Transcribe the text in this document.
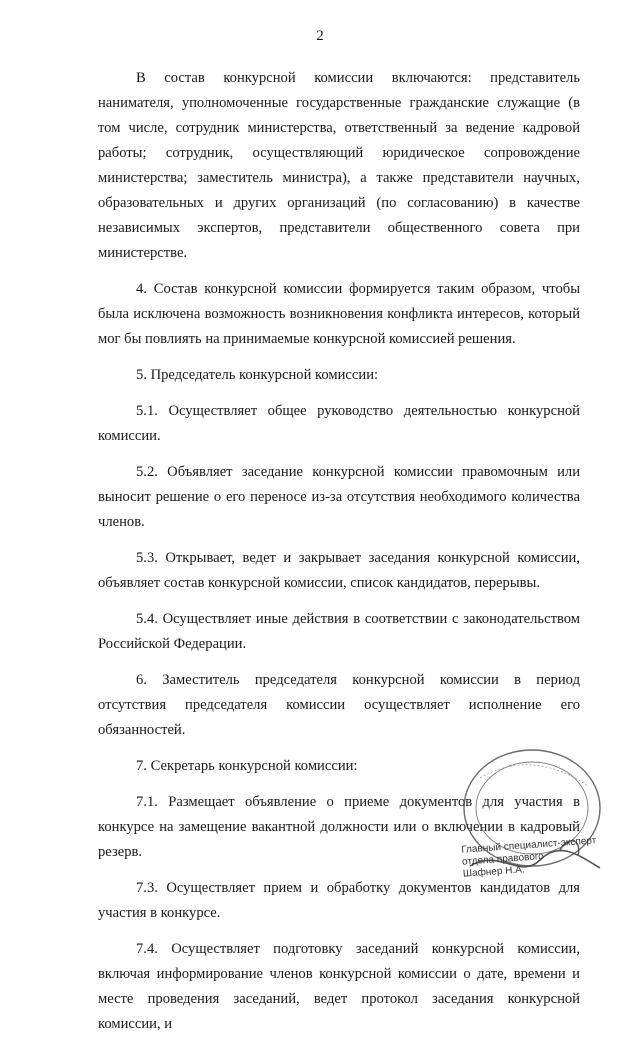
2

В состав конкурсной комиссии включаются: представитель нанимателя, уполномоченные государственные гражданские служащие (в том числе, сотрудник министерства, ответственный за ведение кадровой работы; сотрудник, осуществляющий юридическое сопровождение министерства; заместитель министра), а также представители научных, образовательных и других организаций (по согласованию) в качестве независимых экспертов, представители общественного совета при министерстве.

4. Состав конкурсной комиссии формируется таким образом, чтобы была исключена возможность возникновения конфликта интересов, который мог бы повлиять на принимаемые конкурсной комиссией решения.

5. Председатель конкурсной комиссии:

5.1. Осуществляет общее руководство деятельностью конкурсной комиссии.

5.2. Объявляет заседание конкурсной комиссии правомочным или выносит решение о его переносе из-за отсутствия необходимого количества членов.

5.3. Открывает, ведет и закрывает заседания конкурсной комиссии, объявляет состав конкурсной комиссии, список кандидатов, перерывы.

5.4. Осуществляет иные действия в соответствии с законодательством Российской Федерации.

6. Заместитель председателя конкурсной комиссии в период отсутствия председателя комиссии осуществляет исполнение его обязанностей.

7. Секретарь конкурсной комиссии:

7.1. Размещает объявление о приеме документов для участия в конкурсе на замещение вакантной должности или о включении в кадровый резерв.

7.3. Осуществляет прием и обработку документов кандидатов для участия в конкурсе.

7.4. Осуществляет подготовку заседаний конкурсной комиссии, включая информирование членов конкурсной комиссии о дате, времени и месте проведения заседаний, ведет протокол заседания конкурсной комиссии, и

Главный специалист-эксперт
отдела правового
Шафнер Н.А.
